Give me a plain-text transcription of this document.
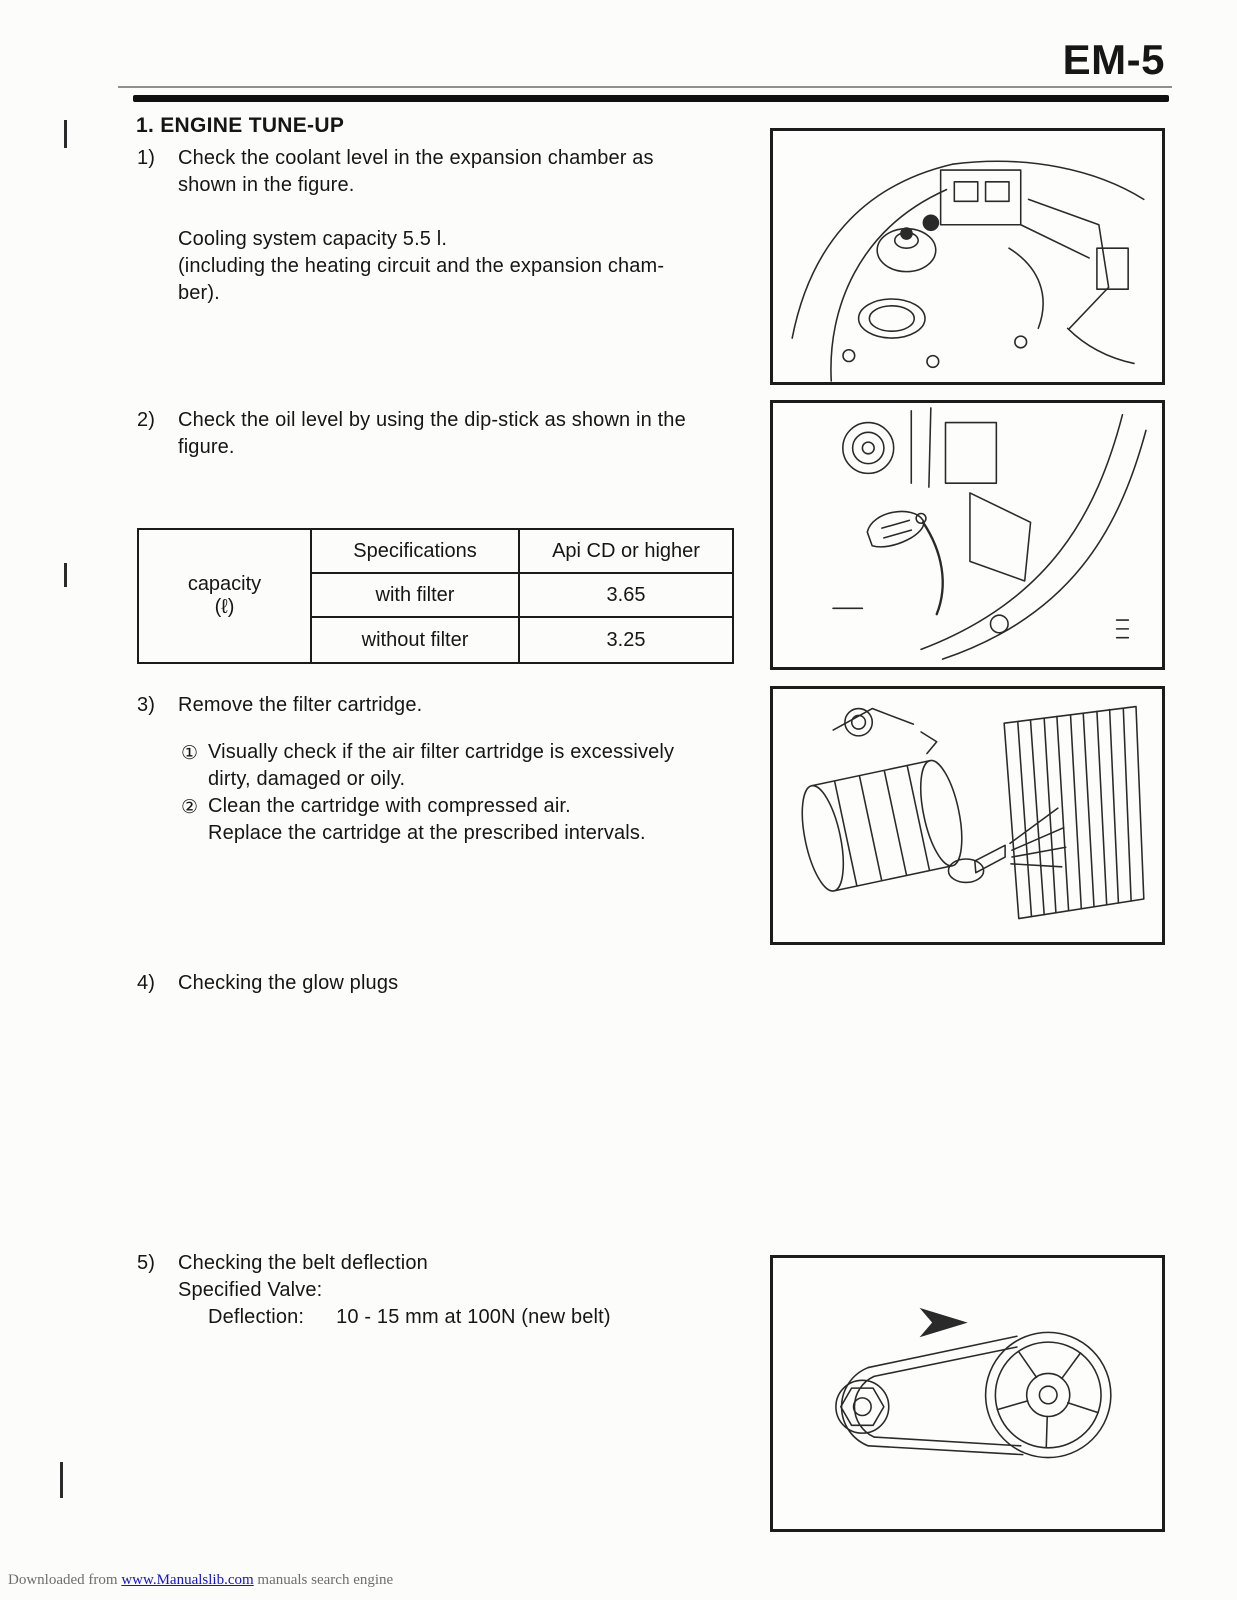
EM-5
1. ENGINE TUNE-UP
1) Check the coolant level in the expansion chamber as
shown in the figure.
Cooling system capacity 5.5 l.
(including the heating circuit and the expansion cham-
ber).
2) Check the oil level by using the dip-stick as shown in the
figure.
capacity
(ℓ)	Specifications	Api CD or higher
	with filter	3.65
	without filter	3.25
3) Remove the filter cartridge.
① Visually check if the air filter cartridge is excessively
dirty, damaged or oily.
② Clean the cartridge with compressed air.
Replace the cartridge at the prescribed intervals.
4) Checking the glow plugs
5) Checking the belt deflection
Specified Valve:
Deflection: 10 - 15 mm at 100N (new belt)
Downloaded from www.Manualslib.com manuals search engine
